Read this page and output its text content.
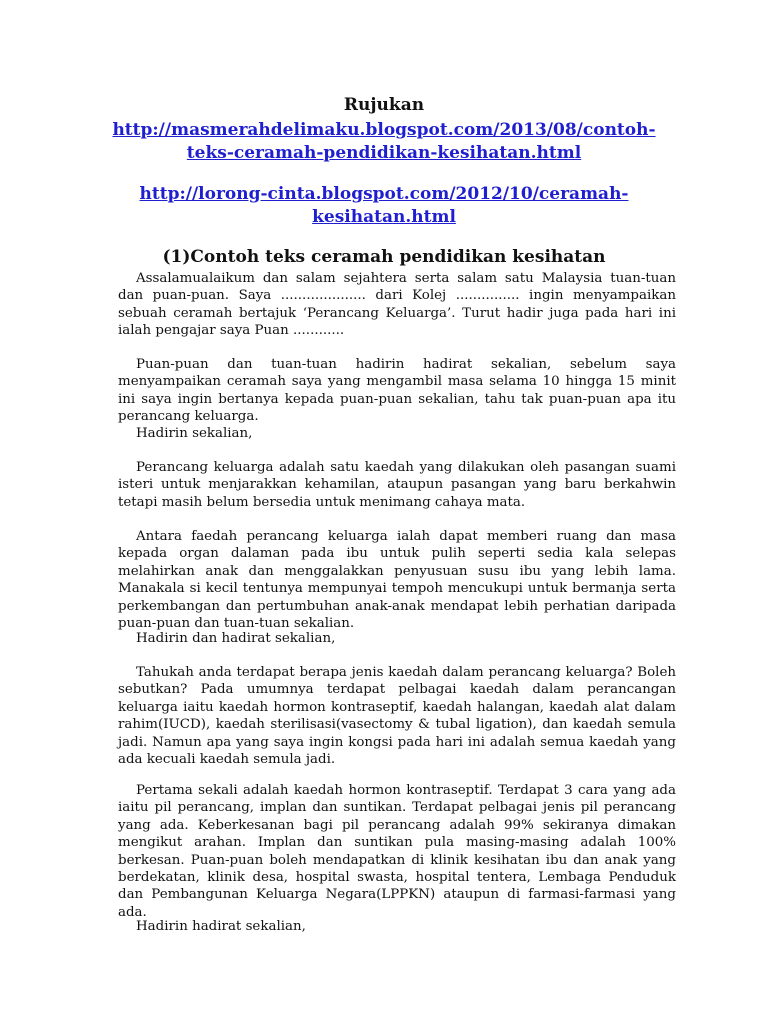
Rujukan
http://masmerahdelimaku.blogspot.com/2013/08/contoh-
teks-ceramah-pendidikan-kesihatan.html
http://lorong-cinta.blogspot.com/2012/10/ceramah-
kesihatan.html
(1)Contoh teks ceramah pendidikan kesihatan
Assalamualaikum dan salam sejahtera serta salam satu Malaysia tuan-tuan dan puan-puan. Saya .................... dari Kolej ............... ingin menyampaikan sebuah ceramah bertajuk ‘Perancang Keluarga’. Turut hadir juga pada hari ini ialah pengajar saya Puan ............
Puan-puan dan tuan-tuan hadirin hadirat sekalian, sebelum saya menyampaikan ceramah saya yang mengambil masa selama 10 hingga 15 minit ini saya ingin bertanya kepada puan-puan sekalian, tahu tak puan-puan apa itu perancang keluarga.
Hadirin sekalian,
Perancang keluarga adalah satu kaedah yang dilakukan oleh pasangan suami isteri untuk menjarakkan kehamilan, ataupun pasangan yang baru berkahwin tetapi masih belum bersedia untuk menimang cahaya mata.
Antara faedah perancang keluarga ialah dapat memberi ruang dan masa kepada organ dalaman pada ibu untuk pulih seperti sedia kala selepas melahirkan anak dan menggalakkan penyusuan susu ibu yang lebih lama. Manakala si kecil tentunya mempunyai tempoh mencukupi untuk bermanja serta perkembangan dan pertumbuhan anak-anak mendapat lebih perhatian daripada puan-puan dan tuan-tuan sekalian.
Hadirin dan hadirat sekalian,
Tahukah anda terdapat berapa jenis kaedah dalam perancang keluarga? Boleh sebutkan? Pada umumnya terdapat pelbagai kaedah dalam perancangan keluarga iaitu kaedah hormon kontraseptif, kaedah halangan, kaedah alat dalam rahim(IUCD), kaedah sterilisasi(vasectomy & tubal ligation), dan kaedah semula jadi. Namun apa yang saya ingin kongsi pada hari ini adalah semua kaedah yang ada kecuali kaedah semula jadi.
Pertama sekali adalah kaedah hormon kontraseptif. Terdapat 3 cara yang ada iaitu pil perancang, implan dan suntikan. Terdapat pelbagai jenis pil perancang yang ada. Keberkesanan bagi pil perancang adalah 99% sekiranya dimakan mengikut arahan. Implan dan suntikan pula masing-masing adalah 100% berkesan. Puan-puan boleh mendapatkan di klinik kesihatan ibu dan anak yang berdekatan, klinik desa, hospital swasta, hospital tentera, Lembaga Penduduk dan Pembangunan Keluarga Negara(LPPKN) ataupun di farmasi-farmasi yang ada.
Hadirin hadirat sekalian,
